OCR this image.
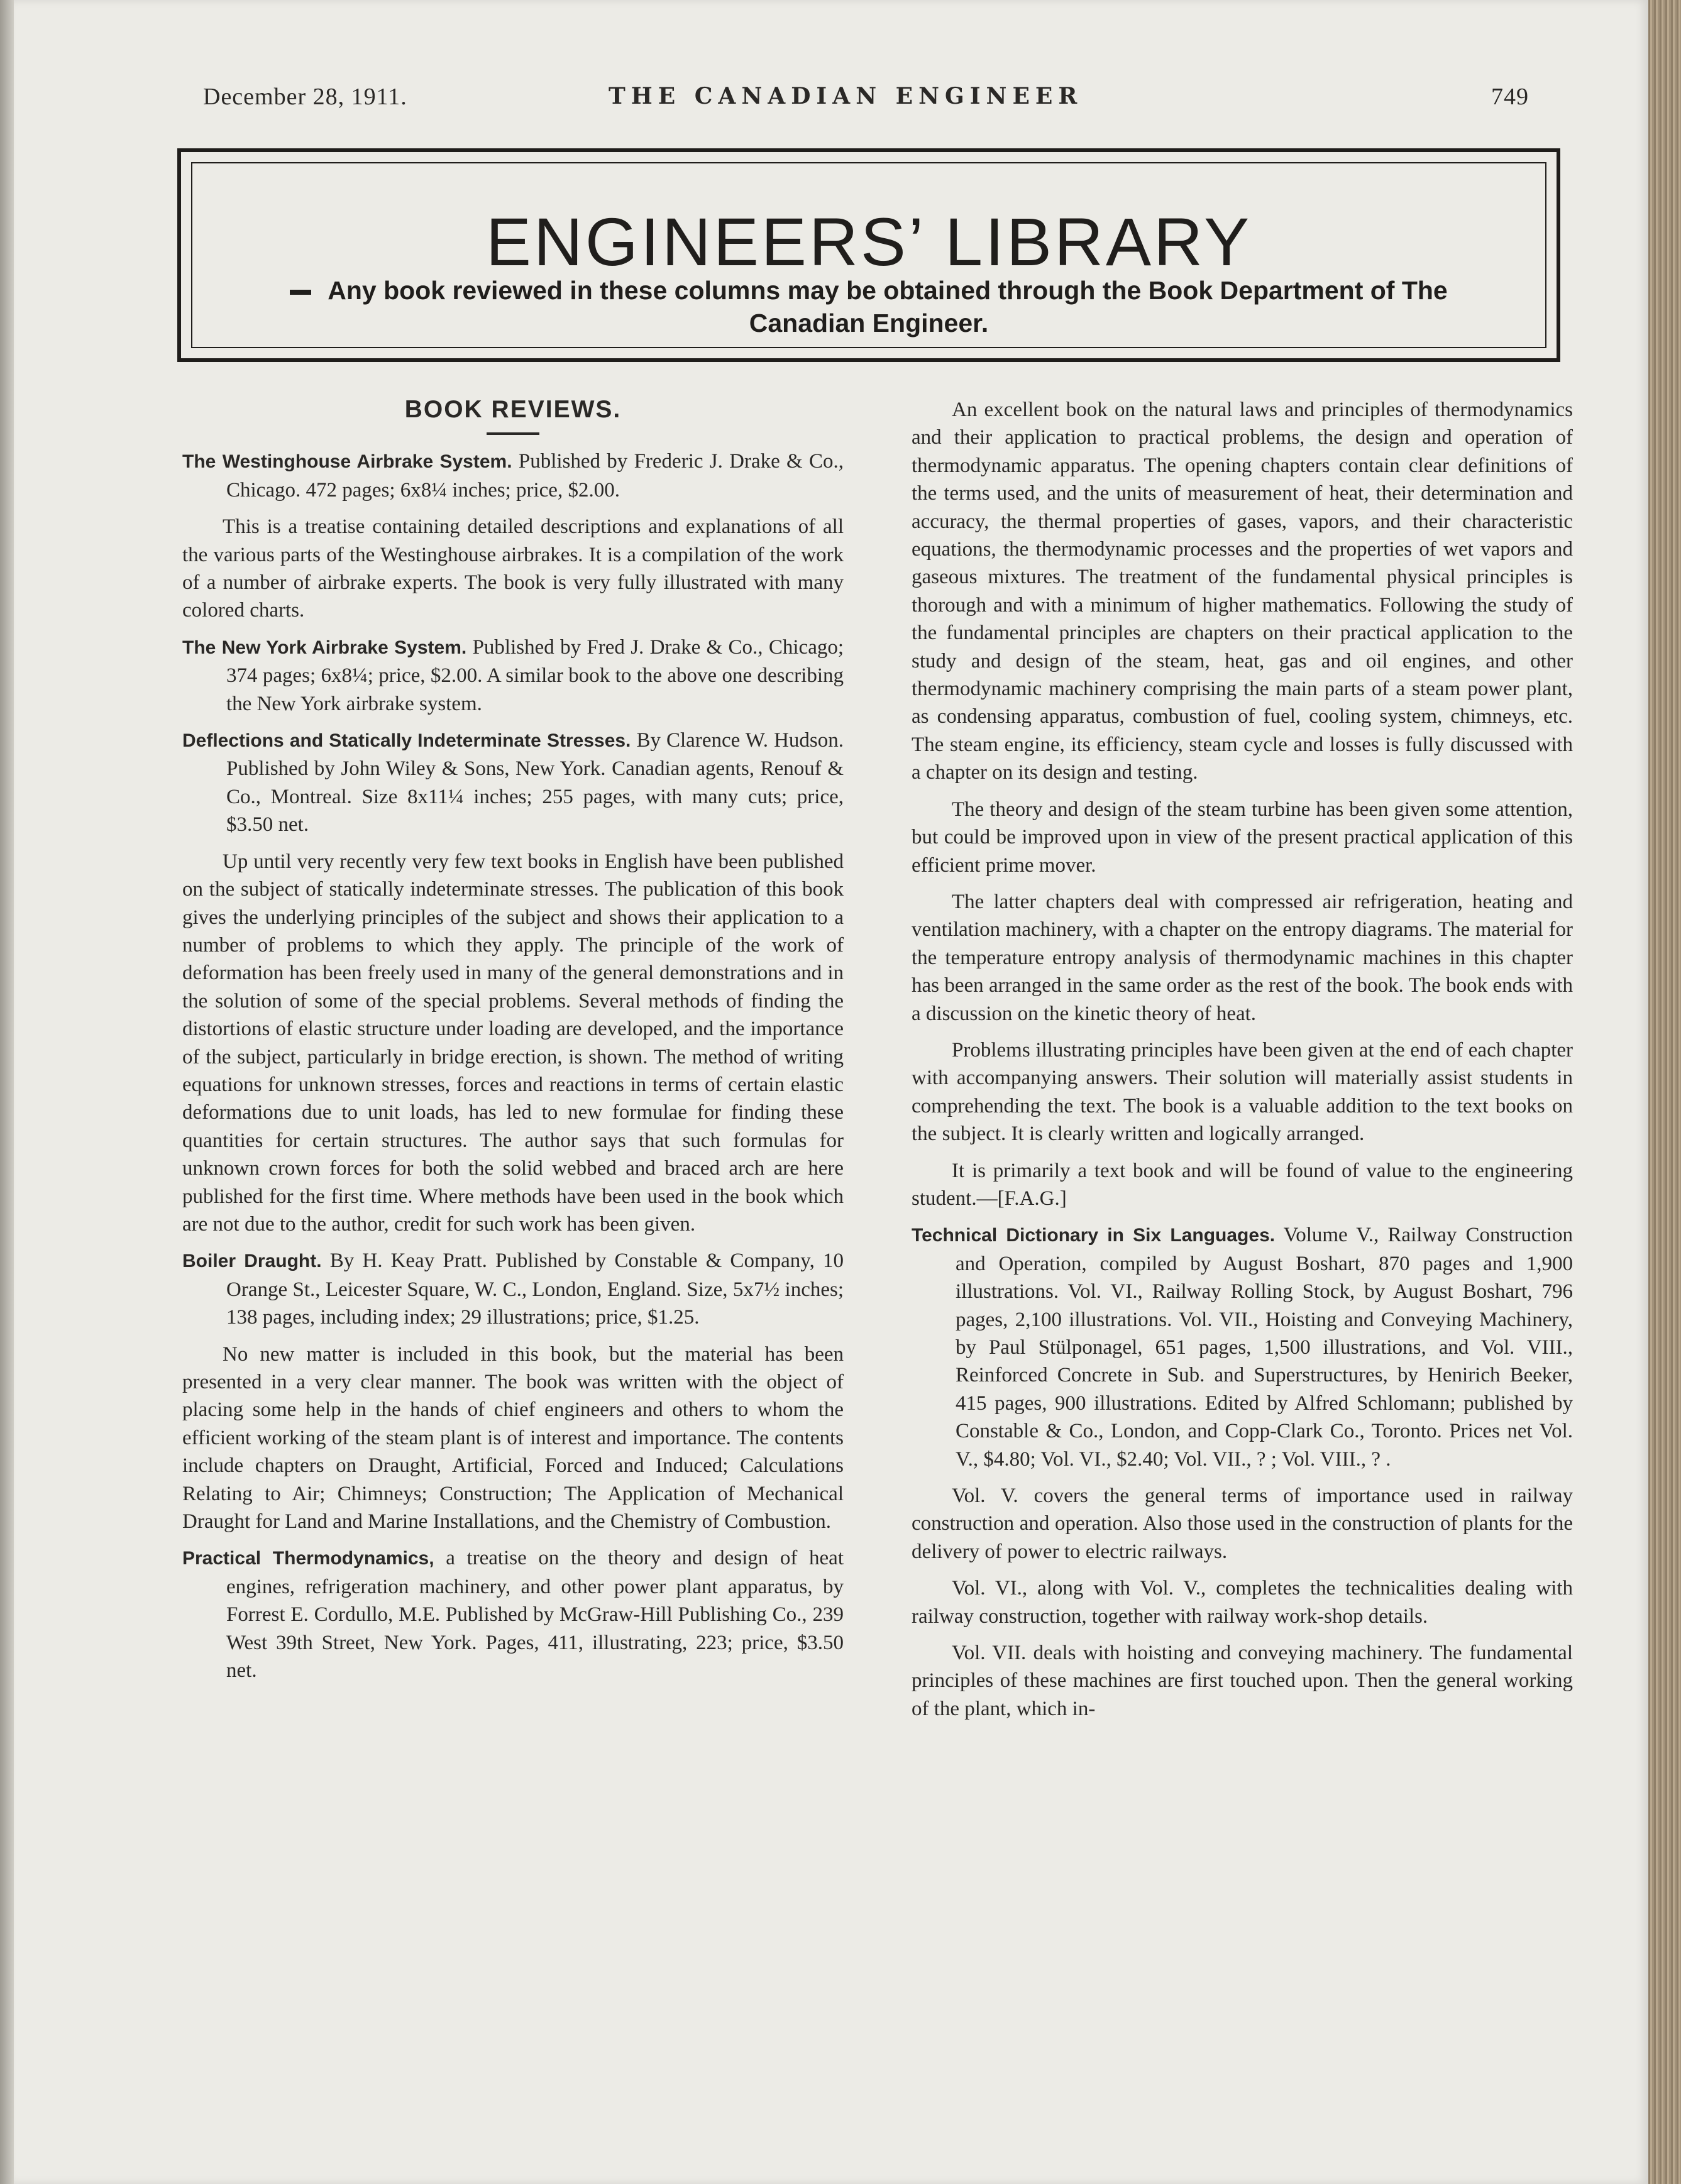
December 28, 1911.	THE CANADIAN ENGINEER	749
ENGINEERS’ LIBRARY
Any book reviewed in these columns may be obtained through the Book Department of The Canadian Engineer.
BOOK REVIEWS.

The Westinghouse Airbrake System. Published by Frederic J. Drake & Co., Chicago. 472 pages; 6x8¼ inches; price, $2.00.

This is a treatise containing detailed descriptions and explanations of all the various parts of the Westinghouse airbrakes. It is a compilation of the work of a number of airbrake experts. The book is very fully illustrated with many colored charts.

The New York Airbrake System. Published by Fred J. Drake & Co., Chicago; 374 pages; 6x8¼; price, $2.00. A similar book to the above one describing the New York airbrake system.

Deflections and Statically Indeterminate Stresses. By Clarence W. Hudson. Published by John Wiley & Sons, New York. Canadian agents, Renouf & Co., Montreal. Size 8x11¼ inches; 255 pages, with many cuts; price, $3.50 net.

Up until very recently very few text books in English have been published on the subject of statically indeterminate stresses. The publication of this book gives the underlying principles of the subject and shows their application to a number of problems to which they apply. The principle of the work of deformation has been freely used in many of the general demonstrations and in the solution of some of the special problems. Several methods of finding the distortions of elastic structure under loading are developed, and the importance of the subject, particularly in bridge erection, is shown. The method of writing equations for unknown stresses, forces and reactions in terms of certain elastic deformations due to unit loads, has led to new formulae for finding these quantities for certain structures. The author says that such formulas for unknown crown forces for both the solid webbed and braced arch are here published for the first time. Where methods have been used in the book which are not due to the author, credit for such work has been given.

Boiler Draught. By H. Keay Pratt. Published by Constable & Company, 10 Orange St., Leicester Square, W. C., London, England. Size, 5x7½ inches; 138 pages, including index; 29 illustrations; price, $1.25.

No new matter is included in this book, but the material has been presented in a very clear manner. The book was written with the object of placing some help in the hands of chief engineers and others to whom the efficient working of the steam plant is of interest and importance. The contents include chapters on Draught, Artificial, Forced and Induced; Calculations Relating to Air; Chimneys; Construction; The Application of Mechanical Draught for Land and Marine Installations, and the Chemistry of Combustion.

Practical Thermodynamics, a treatise on the theory and design of heat engines, refrigeration machinery, and other power plant apparatus, by Forrest E. Cordullo, M.E. Published by McGraw-Hill Publishing Co., 239 West 39th Street, New York. Pages, 411, illustrating, 223; price, $3.50 net.

An excellent book on the natural laws and principles of thermodynamics and their application to practical problems, the design and operation of thermodynamic apparatus. The opening chapters contain clear definitions of the terms used, and the units of measurement of heat, their determination and accuracy, the thermal properties of gases, vapors, and their characteristic equations, the thermodynamic processes and the properties of wet vapors and gaseous mixtures. The treatment of the fundamental physical principles is thorough and with a minimum of higher mathematics. Following the study of the fundamental principles are chapters on their practical application to the study and design of the steam, heat, gas and oil engines, and other thermodynamic machinery comprising the main parts of a steam power plant, as condensing apparatus, combustion of fuel, cooling system, chimneys, etc. The steam engine, its efficiency, steam cycle and losses is fully discussed with a chapter on its design and testing.

The theory and design of the steam turbine has been given some attention, but could be improved upon in view of the present practical application of this efficient prime mover.

The latter chapters deal with compressed air refrigeration, heating and ventilation machinery, with a chapter on the entropy diagrams. The material for the temperature entropy analysis of thermodynamic machines in this chapter has been arranged in the same order as the rest of the book. The book ends with a discussion on the kinetic theory of heat.

Problems illustrating principles have been given at the end of each chapter with accompanying answers. Their solution will materially assist students in comprehending the text. The book is a valuable addition to the text books on the subject. It is clearly written and logically arranged.

It is primarily a text book and will be found of value to the engineering student.—[F.A.G.]

Technical Dictionary in Six Languages. Volume V., Railway Construction and Operation, compiled by August Boshart, 870 pages and 1,900 illustrations. Vol. VI., Railway Rolling Stock, by August Boshart, 796 pages, 2,100 illustrations. Vol. VII., Hoisting and Conveying Machinery, by Paul Stülponagel, 651 pages, 1,500 illustrations, and Vol. VIII., Reinforced Concrete in Sub. and Superstructures, by Henirich Beeker, 415 pages, 900 illustrations. Edited by Alfred Schlomann; published by Constable & Co., London, and Copp-Clark Co., Toronto. Prices net Vol. V., $4.80; Vol. VI., $2.40; Vol. VII., ? ; Vol. VIII., ? .

Vol. V. covers the general terms of importance used in railway construction and operation. Also those used in the construction of plants for the delivery of power to electric railways.

Vol. VI., along with Vol. V., completes the technicalities dealing with railway construction, together with railway work-shop details.

Vol. VII. deals with hoisting and conveying machinery. The fundamental principles of these machines are first touched upon. Then the general working of the plant, which in-
